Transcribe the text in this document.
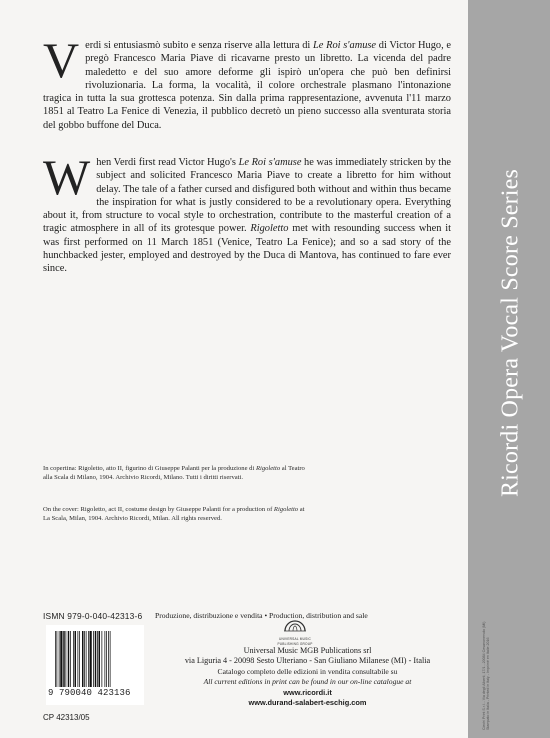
Verdi si entusiasmò subito e senza riserve alla lettura di Le Roi s'amuse di Victor Hugo, e pregò Francesco Maria Piave di ricavarne presto un libretto. La vicenda del padre maledetto e del suo amore deforme gli ispirò un'opera che può ben definirsi rivoluzionaria. La forma, la vocalità, il colore orchestrale plasmano l'intonazione tragica in tutta la sua grottesca potenza. Sin dalla prima rappresentazione, avvenuta l'11 marzo 1851 al Teatro La Fenice di Venezia, il pubblico decretò un pieno successo alla sventurata storia del gobbo buffone del Duca.

When Verdi first read Victor Hugo's Le Roi s'amuse he was immediately stricken by the subject and solicited Francesco Maria Piave to create a libretto for him without delay. The tale of a father cursed and disfigured both without and within thus became the inspiration for what is justly considered to be a revolutionary opera. Everything about it, from structure to vocal style to orchestration, contribute to the masterful creation of a tragic atmosphere in all of its grotesque power. Rigoletto met with resounding success when it was first performed on 11 March 1851 (Venice, Teatro La Fenice); and so a sad story of the hunchbacked jester, employed and destroyed by the Duca di Mantova, has continued to fare ever since.	Ricordi Opera Vocal Score Series
Ciechi Print S.r.l. - Via degli Alberti, 17/1 - 20084 Cesanonervdo (MI) Stampato in Italia - Printed in Italy - Imprimé en Italie 2016

In copertina: Rigoletto, atto II, figurino di Giuseppe Palanti per la produzione di Rigoletto al Teatro alla Scala di Milano, 1904. Archivio Ricordi, Milano. Tutti i diritti riservati.

On the cover: Rigoletto, act II, costume design by Giuseppe Palanti for a production of Rigoletto at La Scala, Milan, 1904. Archivio Ricordi, Milan. All rights reserved.

ISMN 979-0-040-42313-6
9 790040 423136
CP 42313/05
Produzione, distribuzione e vendita • Production, distribution and sale
UNIVERSAL MUSIC
PUBLISHING GROUP
Universal Music MGB Publications srl
via Liguria 4 - 20098 Sesto Ulteriano - San Giuliano Milanese (MI) - Italia
Catalogo completo delle edizioni in vendita consultabile su
All current editions in print can be found in our on-line catalogue at
www.ricordi.it
www.durand-salabert-eschig.com
